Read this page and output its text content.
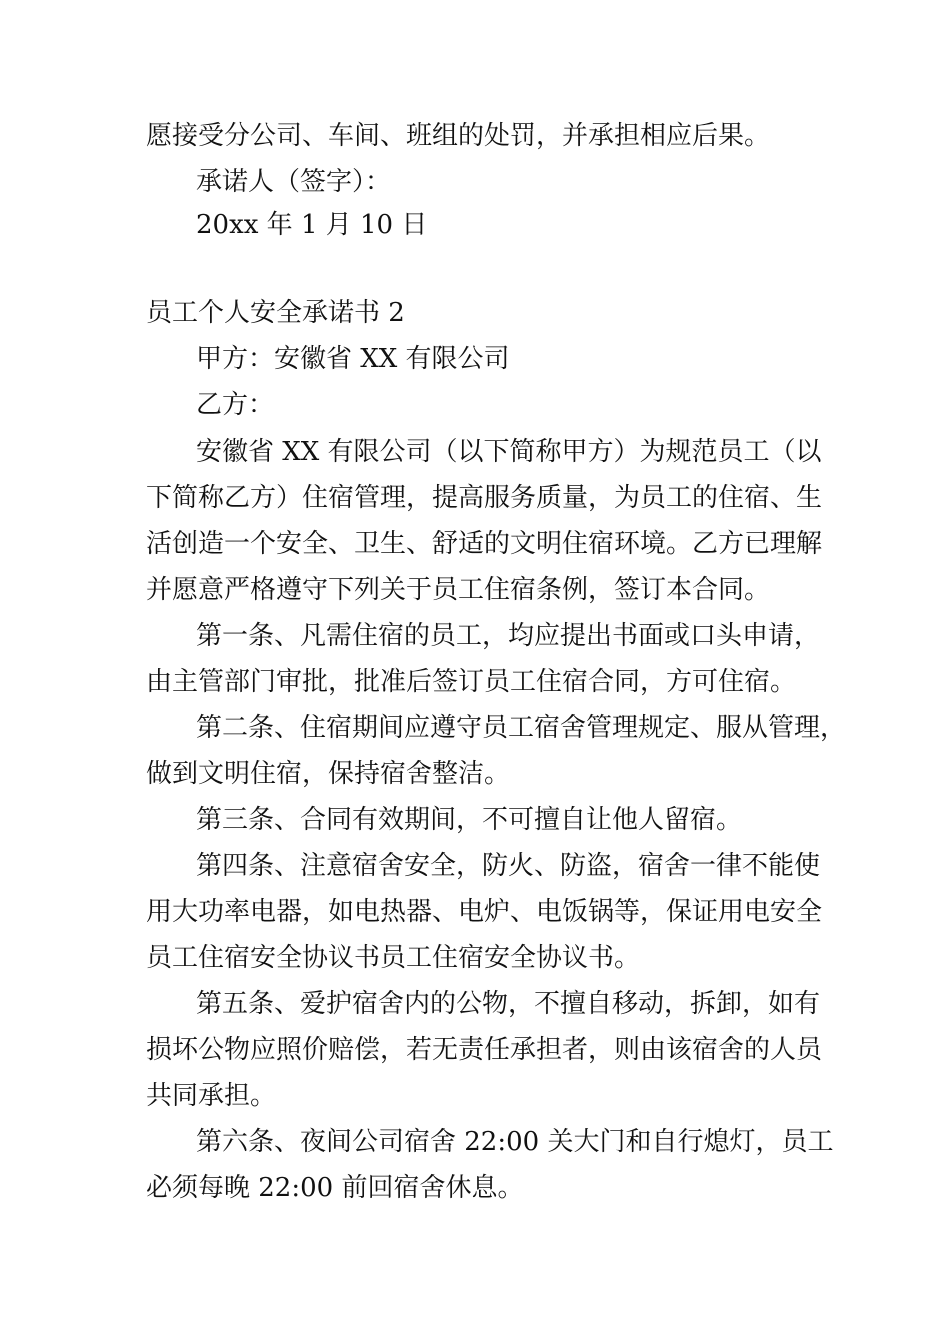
愿接受分公司、车间、班组的处罚，并承担相应后果。
承诺人（签字）：
20xx 年 1 月 10 日
员工个人安全承诺书 2
甲方：安徽省 XX 有限公司
乙方：
安徽省 XX 有限公司（以下简称甲方）为规范员工（以
下简称乙方）住宿管理，提高服务质量，为员工的住宿、生
活创造一个安全、卫生、舒适的文明住宿环境。乙方已理解
并愿意严格遵守下列关于员工住宿条例，签订本合同。
第一条、凡需住宿的员工，均应提出书面或口头申请，
由主管部门审批，批准后签订员工住宿合同，方可住宿。
第二条、住宿期间应遵守员工宿舍管理规定、服从管理，
做到文明住宿，保持宿舍整洁。
第三条、合同有效期间，不可擅自让他人留宿。
第四条、注意宿舍安全，防火、防盗，宿舍一律不能使
用大功率电器，如电热器、电炉、电饭锅等，保证用电安全
员工住宿安全协议书员工住宿安全协议书。
第五条、爱护宿舍内的公物，不擅自移动，拆卸，如有
损坏公物应照价赔偿，若无责任承担者，则由该宿舍的人员
共同承担。
第六条、夜间公司宿舍 22:00 关大门和自行熄灯，员工
必须每晚 22:00 前回宿舍休息。
